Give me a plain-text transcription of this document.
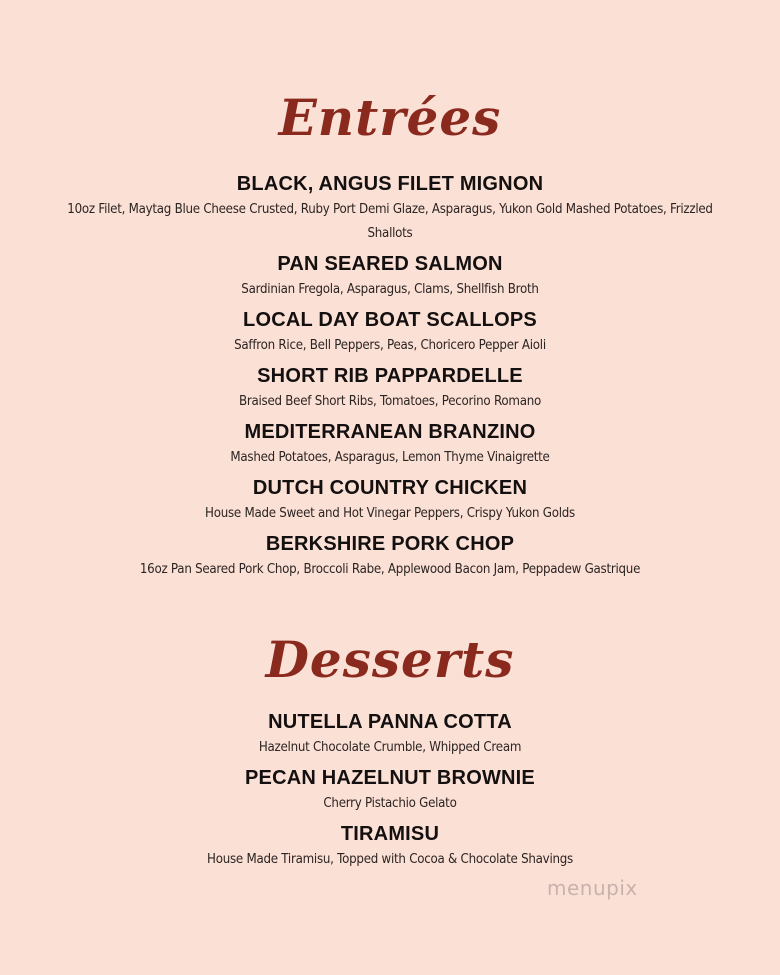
Entrées
BLACK, ANGUS FILET MIGNON
10oz Filet, Maytag Blue Cheese Crusted, Ruby Port Demi Glaze, Asparagus, Yukon Gold Mashed Potatoes, Frizzled Shallots
PAN SEARED SALMON
Sardinian Fregola, Asparagus, Clams, Shellfish Broth
LOCAL DAY BOAT SCALLOPS
Saffron Rice, Bell Peppers, Peas, Choricero Pepper Aioli
SHORT RIB PAPPARDELLE
Braised Beef Short Ribs, Tomatoes, Pecorino Romano
MEDITERRANEAN BRANZINO
Mashed Potatoes, Asparagus, Lemon Thyme Vinaigrette
DUTCH COUNTRY CHICKEN
House Made Sweet and Hot Vinegar Peppers, Crispy Yukon Golds
BERKSHIRE PORK CHOP
16oz Pan Seared Pork Chop, Broccoli Rabe, Applewood Bacon Jam, Peppadew Gastrique
Desserts
NUTELLA PANNA COTTA
Hazelnut Chocolate Crumble, Whipped Cream
PECAN HAZELNUT BROWNIE
Cherry Pistachio Gelato
TIRAMISU
House Made Tiramisu, Topped with Cocoa & Chocolate Shavings
menupix
